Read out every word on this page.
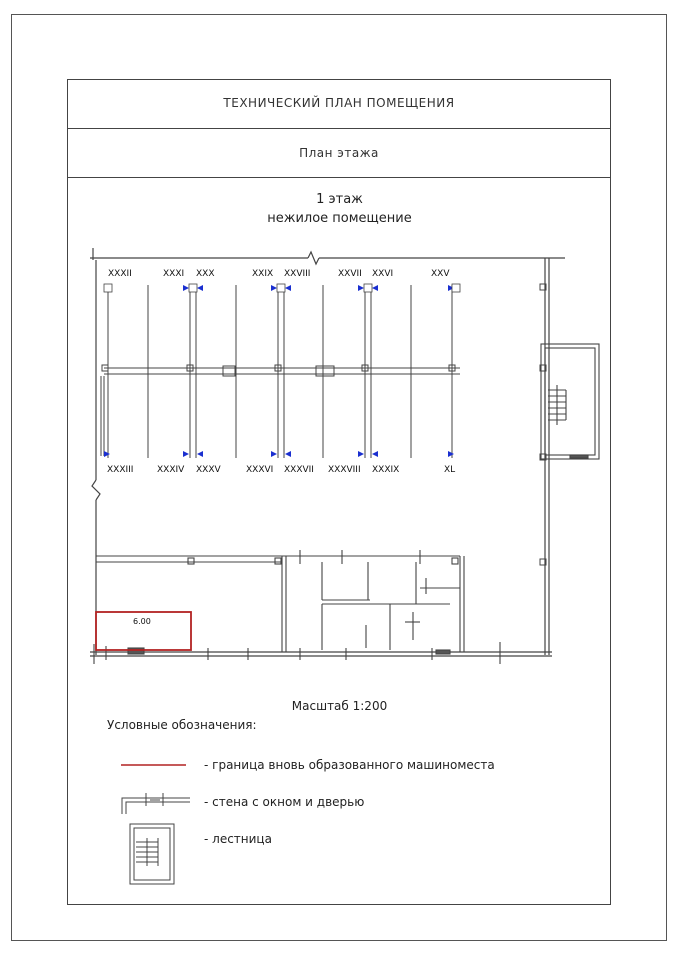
ТЕХНИЧЕСКИЙ ПЛАН ПОМЕЩЕНИЯ
План этажа
1 этаж
нежилое помещение
XXXII	XXXI XXX	XXIX XXVIII	XXVII XXVI	XXV
XXXIII	XXXIV XXXV	XXXVI XXXVII XXXVIII XXXIX	XL
6.00
Масштаб 1:200
Условные обозначения:
- граница вновь образованного машиноместа
- стена с окном и дверью
- лестница
